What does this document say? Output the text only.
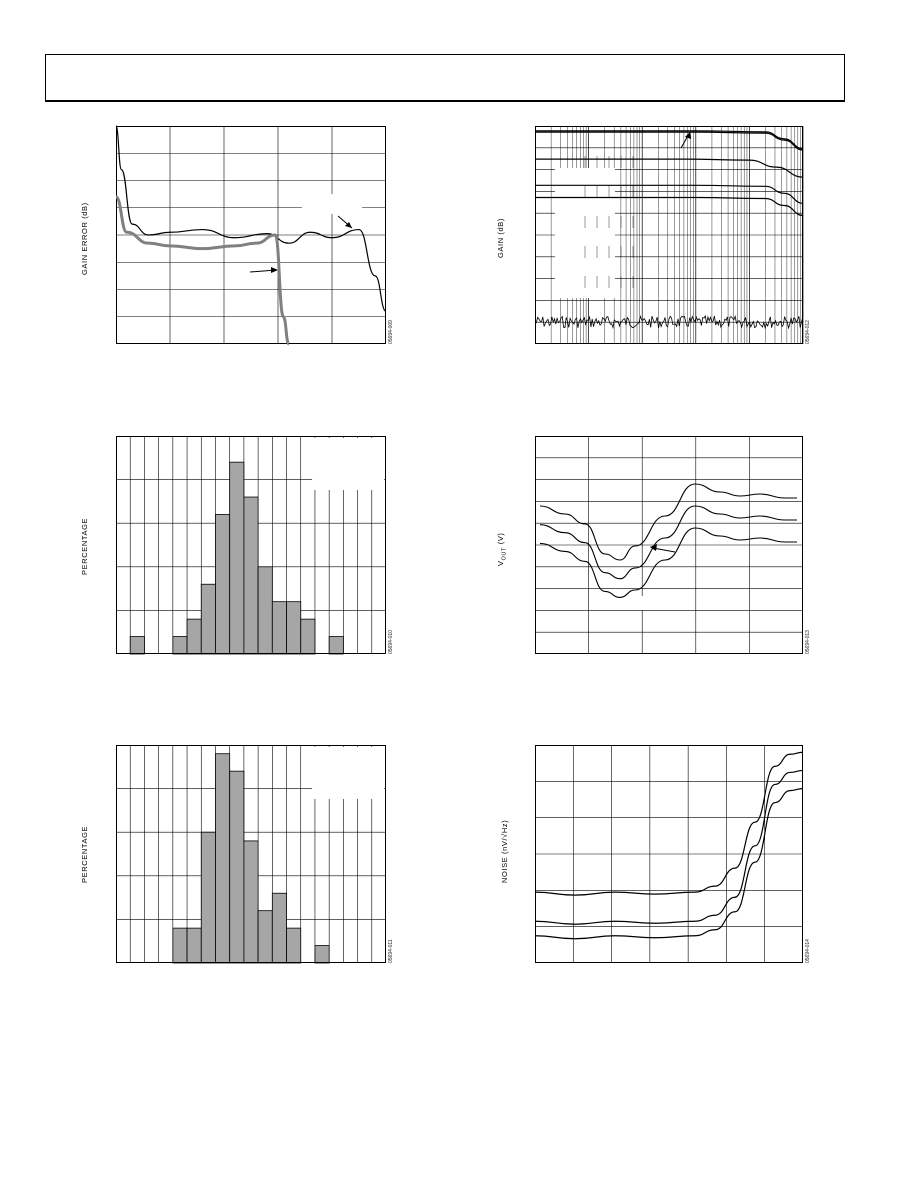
GAIN ERROR (dB)
05694-009
GAIN (dB)
05694-012
PERCENTAGE
05694-010
$V_{OUT}$ (V)
05694-013
PERCENTAGE
05694-011
NOISE (nV/√Hz)
05694-014
